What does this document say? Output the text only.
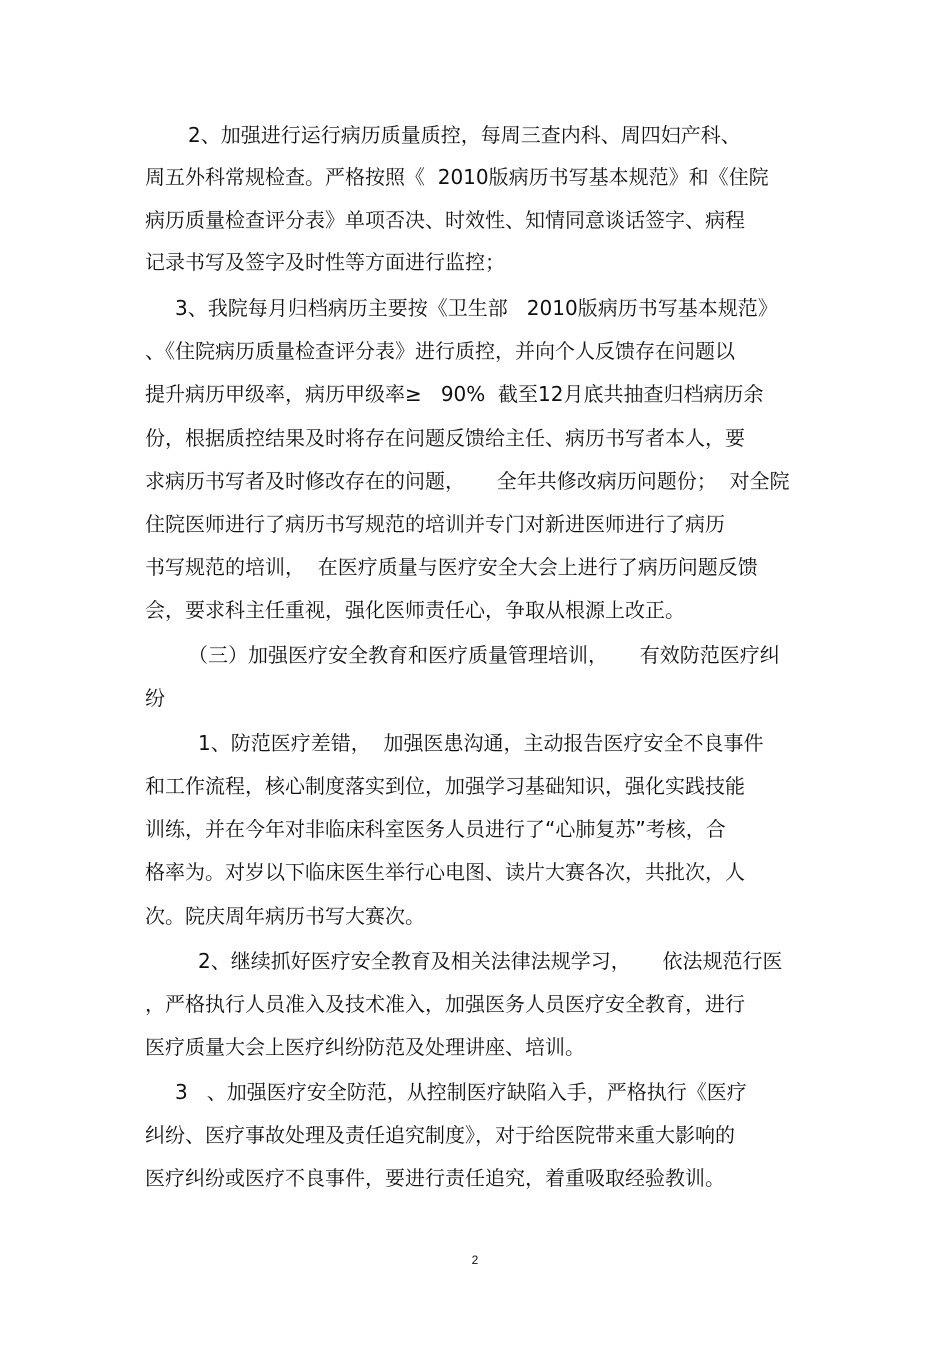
2、加强进行运行病历质量质控，每周三查内科、周四妇产科、
周五外科常规检查。严格按照《  2010版病历书写基本规范》和《住院
病历质量检查评分表》单项否决、时效性、知情同意谈话签字、病程
记录书写及签字及时性等方面进行监控；
3、我院每月归档病历主要按《卫生部   2010版病历书写基本规范》
、《住院病历质量检查评分表》进行质控，并向个人反馈存在问题以
提升病历甲级率，病历甲级率≥   90%  截至12月底共抽查归档病历余
份，根据质控结果及时将存在问题反馈给主任、病历书写者本人，要
求病历书写者及时修改存在的问题，     全年共修改病历问题份；  对全院
住院医师进行了病历书写规范的培训并专门对新进医师进行了病历
书写规范的培训，  在医疗质量与医疗安全大会上进行了病历问题反馈
会，要求科主任重视，强化医师责任心，争取从根源上改正。
（三）加强医疗安全教育和医疗质量管理培训，     有效防范医疗纠
纷
1、防范医疗差错，  加强医患沟通，主动报告医疗安全不良事件
和工作流程，核心制度落实到位，加强学习基础知识，强化实践技能
训练，并在今年对非临床科室医务人员进行了“心肺复苏”考核，合
格率为。对岁以下临床医生举行心电图、读片大赛各次，共批次，人
次。院庆周年病历书写大赛次。
2、继续抓好医疗安全教育及相关法律法规学习，     依法规范行医
，严格执行人员准入及技术准入，加强医务人员医疗安全教育，进行
医疗质量大会上医疗纠纷防范及处理讲座、培训。
3   、加强医疗安全防范，从控制医疗缺陷入手，严格执行《医疗
纠纷、医疗事故处理及责任追究制度》，对于给医院带来重大影响的
医疗纠纷或医疗不良事件，要进行责任追究，着重吸取经验教训。
2
